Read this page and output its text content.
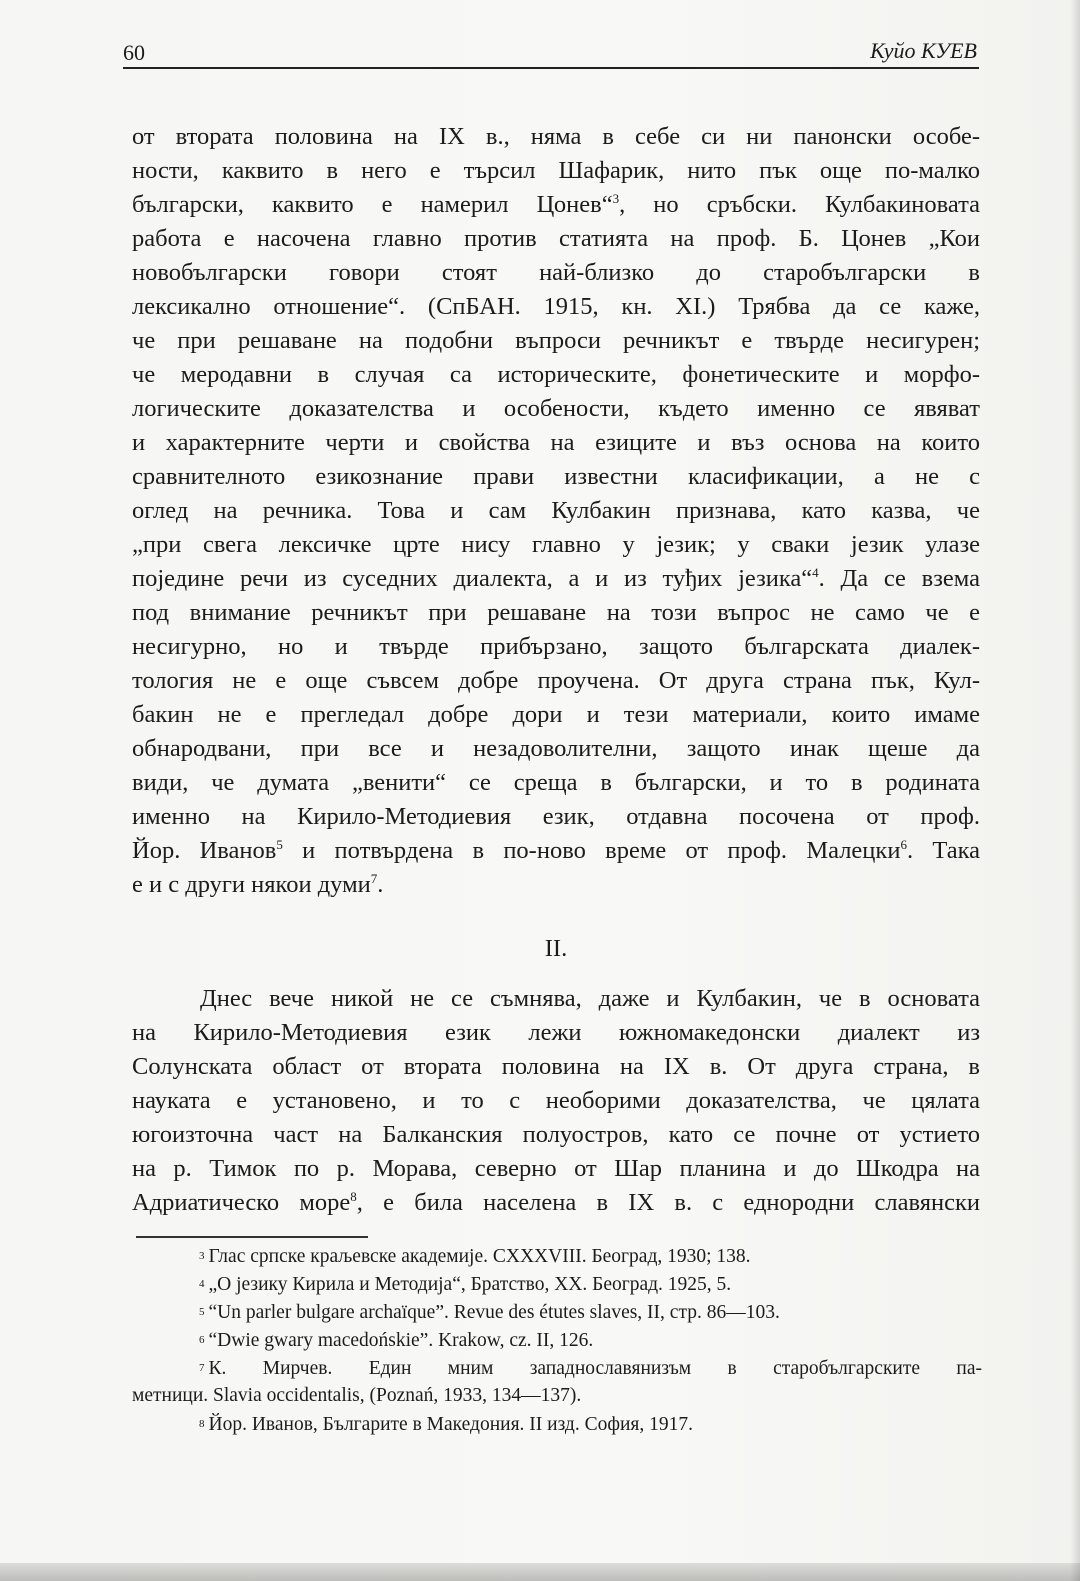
60	Куйо КУЕВ
от втората половина на IX в., няма в себе си ни панонски особе-
ности, каквито в него е търсил Шафарик, нито пък още по-малко
български, каквито е намерил Цонев“$^3$, но сръбски. Кулбакиновата
работа е насочена главно против статията на проф. Б. Цонев „Кои
новобългарски говори стоят най-близко до старобългарски в
лексикално отношение“. (СпБАН. 1915, кн. XI.) Трябва да се каже,
че при решаване на подобни въпроси речникът е твърде несигурен;
че меродавни в случая са историческите, фонетическите и морфо-
логическите доказателства и особености, където именно се явяват
и характерните черти и свойства на езиците и въз основа на които
сравнителното езикознание прави известни класификации, а не с
оглед на речника. Това и сам Кулбакин признава, като казва, че
„при свега лексичке црте нису главно у језик; у сваки језик улазе
поједине речи из суседних диалекта, а и из туђих језика“$^4$. Да се взема
под внимание речникът при решаване на този въпрос не само че е
несигурно, но и твърде прибързано, защото българската диалек-
тология не е още съвсем добре проучена. От друга страна пък, Кул-
бакин не е прегледал добре дори и тези материали, които имаме
обнародвани, при все и незадоволителни, защото инак щеше да
види, че думата „венити“ се среща в български, и то в родината
именно на Кирило-Методиевия език, отдавна посочена от проф.
Йор. Иванов$^5$ и потвърдена в по-ново време от проф. Малецки$^6$. Така
е и с други някои думи$^7$.
II.
Днес вече никой не се съмнява, даже и Кулбакин, че в основата
на Кирило-Методиевия език лежи южномакедонски диалект из
Солунската област от втората половина на IX в. От друга страна, в
науката е установено, и то с необорими доказателства, че цялата
югоизточна част на Балканския полуостров, като се почне от устието
на р. Тимок по р. Морава, северно от Шар планина и до Шкодра на
Адриатическо море$^8$, е била населена в IX в. с еднородни славянски
3 Глас српске краљевске академије. CXXXVIII. Београд, 1930; 138.
4 „О језику Кирила и Методија“, Братство, XX. Београд. 1925, 5.
5 “Un parler bulgare archaïque”. Revue des étutes slaves, II, стр. 86—103.
6 “Dwie gwary macedońskie”. Krakow, cz. II, 126.
7 К. Мирчев. Един мним западнославянизъм в старобългарските па-
метници. Slavia occidentalis, (Poznań, 1933, 134—137).
8 Йор. Иванов, Българите в Македония. II изд. София, 1917.
